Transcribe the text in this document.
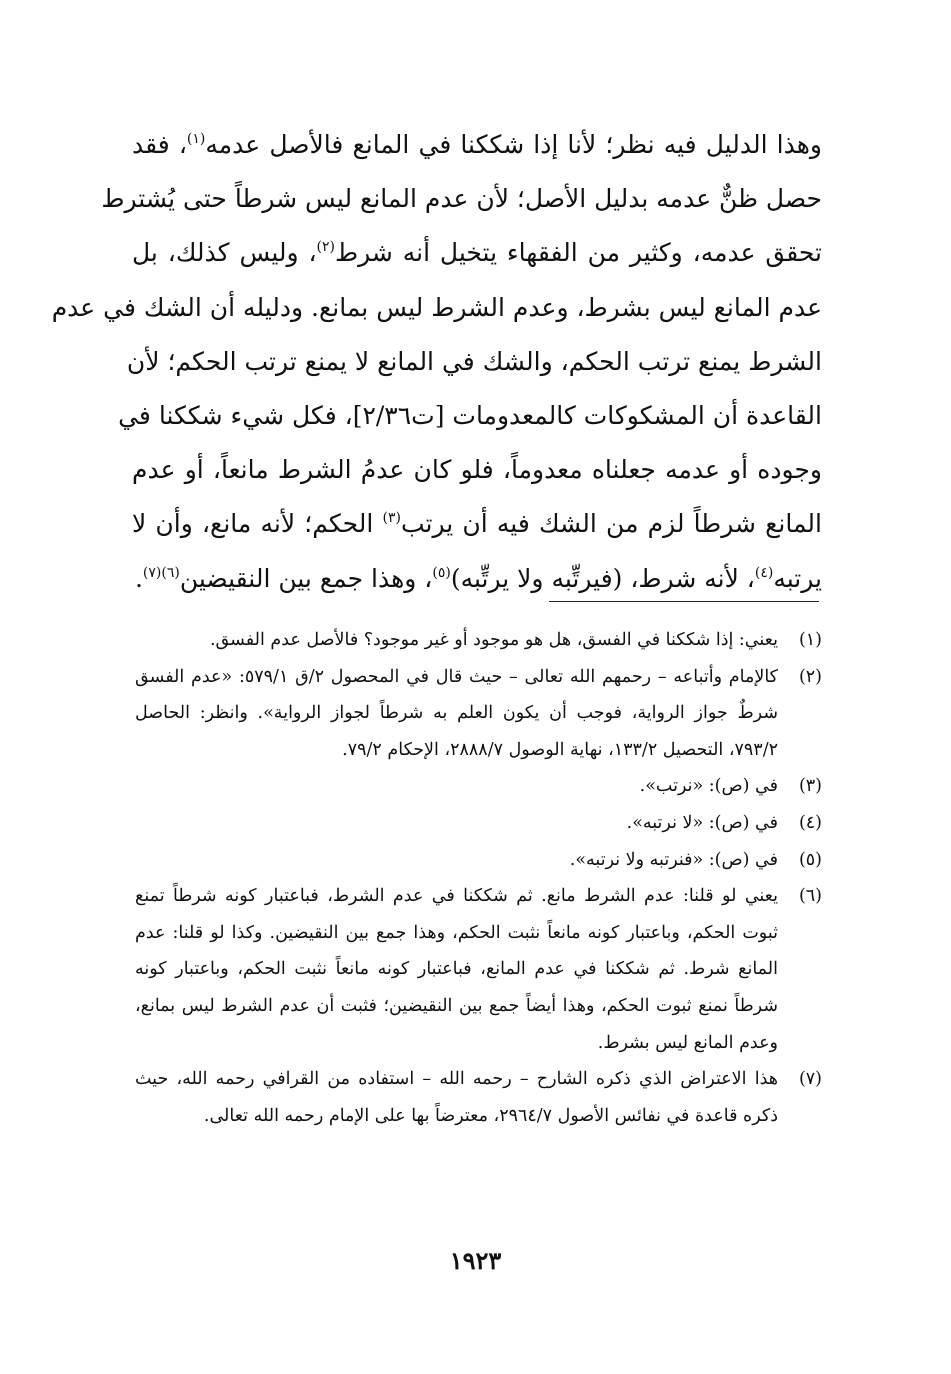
وهذا الدليل فيه نظر؛ لأنا إذا شككنا في المانع فالأصل عدمه$^{(١)}$، فقد
حصل ظنٌّ عدمه بدليل الأصل؛ لأن عدم المانع ليس شرطاً حتى يُشترط
تحقق عدمه، وكثير من الفقهاء يتخيل أنه شرط$^{(٢)}$، وليس كذلك، بل
عدم المانع ليس بشرط، وعدم الشرط ليس بمانع. ودليله أن الشك في عدم
الشرط يمنع ترتب الحكم، والشك في المانع لا يمنع ترتب الحكم؛ لأن
القاعدة أن المشكوكات كالمعدومات [ت٢/٣٦]، فكل شيء شككنا في
وجوده أو عدمه جعلناه معدوماً، فلو كان عدمُ الشرط مانعاً، أو عدم
المانع شرطاً لزم من الشك فيه أن يرتب$^{(٣)}$ الحكم؛ لأنه مانع، وأن لا
يرتبه$^{(٤)}$، لأنه شرط، (فيرتِّبه ولا يرتِّبه)$^{(٥)}$، وهذا جمع بين النقيضين$^{(٦)(٧)}$.
(١)
يعني: إذا شككنا في الفسق، هل هو موجود أو غير موجود؟ فالأصل عدم الفسق.
(٢)
كالإمام وأتباعه – رحمهم الله تعالى – حيث قال في المحصول ٢/ق ٥٧٩/١: «عدم الفسق شرطٌ جواز الرواية، فوجب أن يكون العلم به شرطاً لجواز الرواية». وانظر: الحاصل ٧٩٣/٢، التحصيل ١٣٣/٢، نهاية الوصول ٢٨٨٨/٧، الإحكام ٧٩/٢.
(٣)
في (ص): «نرتب».
(٤)
في (ص): «لا نرتبه».
(٥)
في (ص): «فنرتبه ولا نرتبه».
(٦)
يعني لو قلنا: عدم الشرط مانع. ثم شككنا في عدم الشرط، فباعتبار كونه شرطاً تمنع ثبوت الحكم، وباعتبار كونه مانعاً نثبت الحكم، وهذا جمع بين النقيضين. وكذا لو قلنا: عدم المانع شرط. ثم شككنا في عدم المانع، فباعتبار كونه مانعاً نثبت الحكم، وباعتبار كونه شرطاً نمنع ثبوت الحكم، وهذا أيضاً جمع بين النقيضين؛ فثبت أن عدم الشرط ليس بمانع، وعدم المانع ليس بشرط.
(٧)
هذا الاعتراض الذي ذكره الشارح – رحمه الله – استفاده من القرافي رحمه الله، حيث ذكره قاعدة في نفائس الأصول ٢٩٦٤/٧، معترضاً بها على الإمام رحمه الله تعالى.
١٩٢٣
